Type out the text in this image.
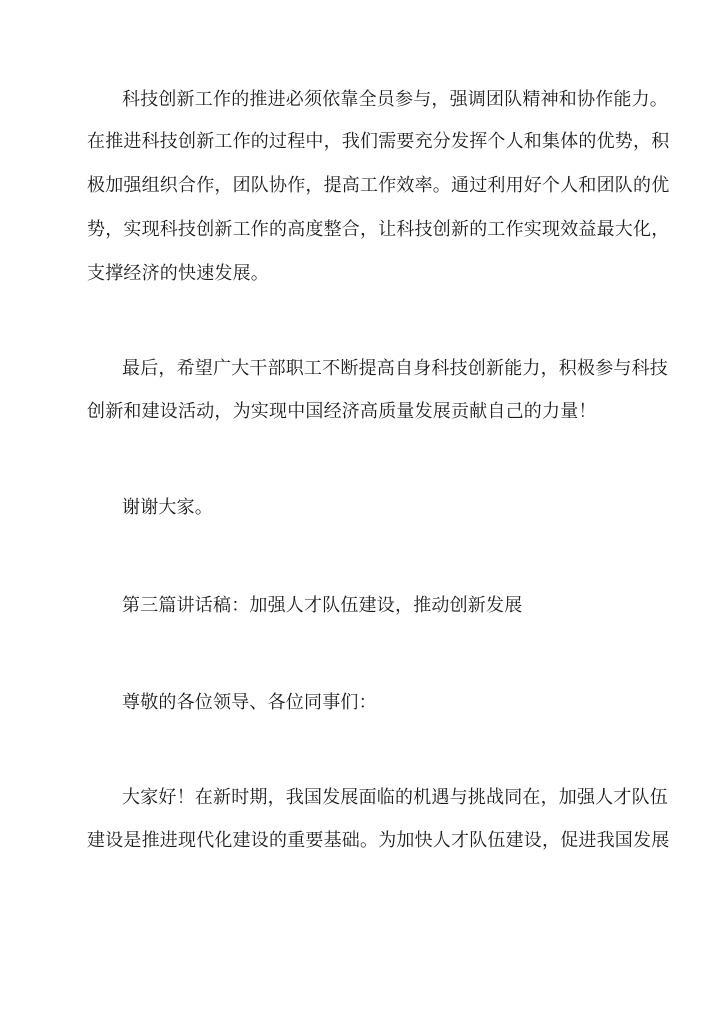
科技创新工作的推进必须依靠全员参与，强调团队精神和协作能力。
在推进科技创新工作的过程中，我们需要充分发挥个人和集体的优势，积
极加强组织合作，团队协作，提高工作效率。通过利用好个人和团队的优
势，实现科技创新工作的高度整合，让科技创新的工作实现效益最大化，
支撑经济的快速发展。
最后，希望广大干部职工不断提高自身科技创新能力，积极参与科技
创新和建设活动，为实现中国经济高质量发展贡献自己的力量！
谢谢大家。
第三篇讲话稿：加强人才队伍建设，推动创新发展
尊敬的各位领导、各位同事们：
大家好！在新时期，我国发展面临的机遇与挑战同在，加强人才队伍
建设是推进现代化建设的重要基础。为加快人才队伍建设，促进我国发展
